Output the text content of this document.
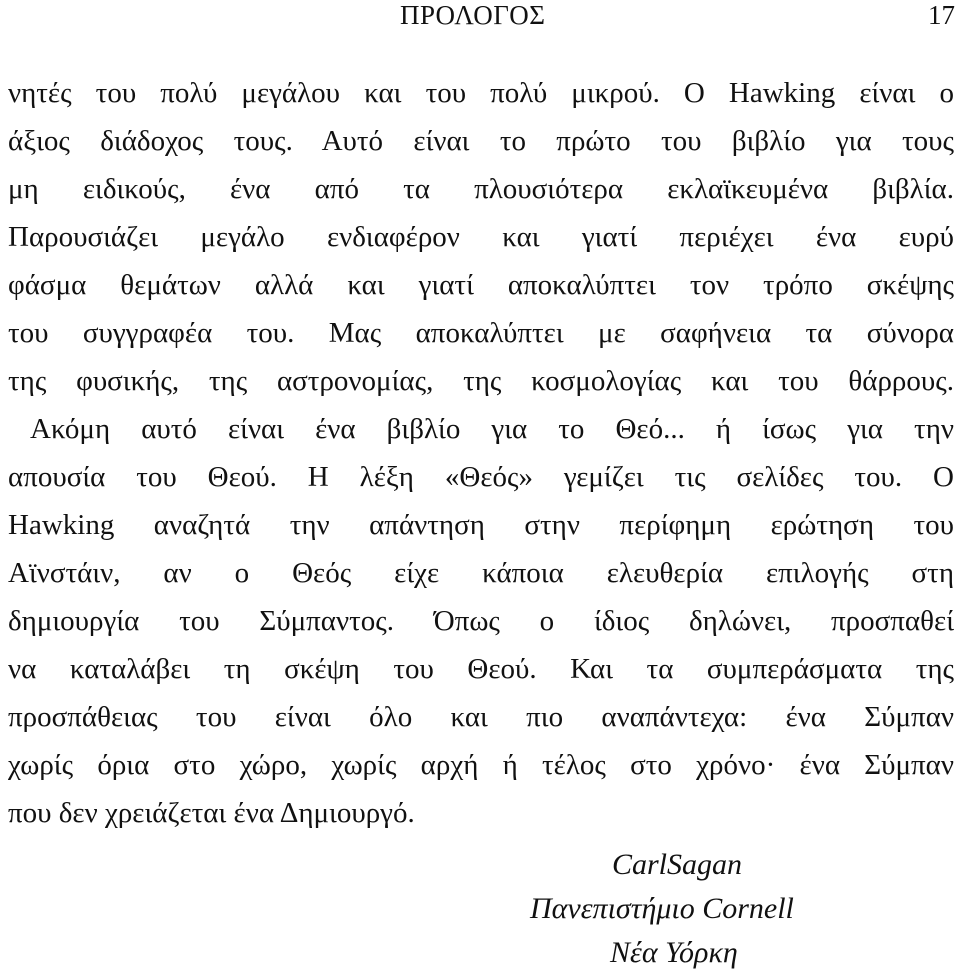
ΠΡΟΛΟΓΟΣ	17
νητές του πολύ μεγάλου και του πολύ μικρού. Ο Hawking είναι ο
άξιος διάδοχος τους. Αυτό είναι το πρώτο του βιβλίο για τους
μη ειδικούς, ένα από τα πλουσιότερα εκλαϊκευμένα βιβλία.
Παρουσιάζει μεγάλο ενδιαφέρον και γιατί περιέχει ένα ευρύ
φάσμα θεμάτων αλλά και γιατί αποκαλύπτει τον τρόπο σκέψης
του συγγραφέα του. Μας αποκαλύπτει με σαφήνεια τα σύνορα
της φυσικής, της αστρονομίας, της κοσμολογίας και του θάρρους.
Ακόμη αυτό είναι ένα βιβλίο για το Θεό... ή ίσως για την
απουσία του Θεού. Η λέξη «Θεός» γεμίζει τις σελίδες του. Ο
Hawking αναζητά την απάντηση στην περίφημη ερώτηση του
Αϊνστάιν, αν ο Θεός είχε κάποια ελευθερία επιλογής στη
δημιουργία του Σύμπαντος. Όπως ο ίδιος δηλώνει, προσπαθεί
να καταλάβει τη σκέψη του Θεού. Και τα συμπεράσματα της
προσπάθειας του είναι όλο και πιο αναπάντεχα: ένα Σύμπαν
χωρίς όρια στο χώρο, χωρίς αρχή ή τέλος στο χρόνο· ένα Σύμπαν
που δεν χρειάζεται ένα Δημιουργό.
CarlSagan
Πανεπιστήμιο Cornell
Νέα Υόρκη
